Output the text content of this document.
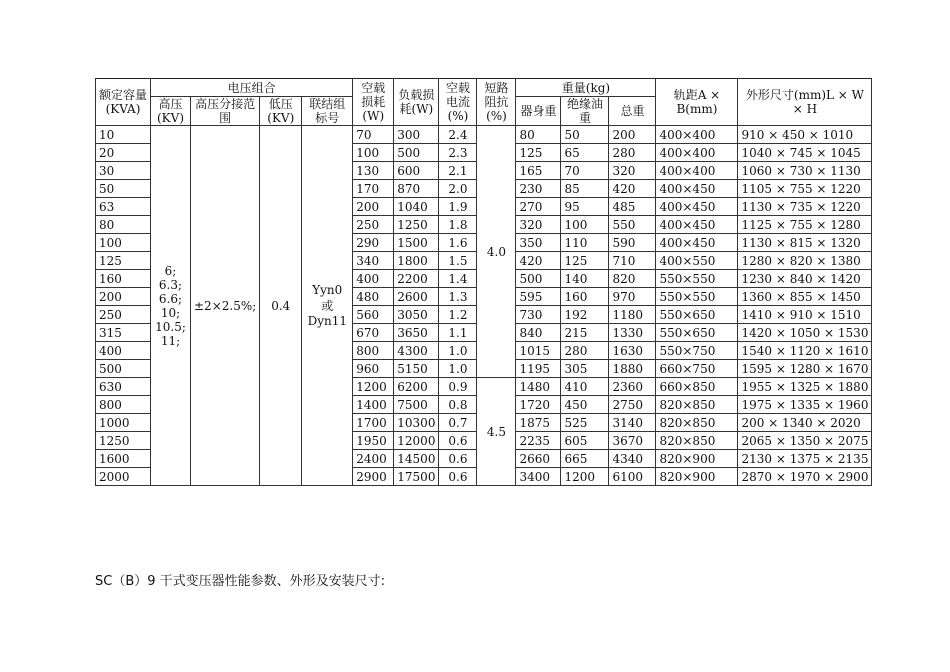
额定容量(KVA)	电压组合				空载损耗(W)	负载损耗(W)	空载电流(%)	短路阻抗(%)	重量(kg)			轨距A × B(mm)	外形尺寸(mm)L × W × H
	高压(KV)	高压分接范围	低压(KV)	联结组标号					器身重	绝缘油重	总重		

10	6; 6.3; 6.6; 10; 10.5; 11;	±2×2.5%;	0.4	Yyn0 或 Dyn11	70	300	2.4	4.0	80	50	200	400×400	910 × 450 × 1010
20					100	500	2.3		125	65	280	400×400	1040 × 745 × 1045
30					130	600	2.1		165	70	320	400×400	1060 × 730 × 1130
50					170	870	2.0		230	85	420	400×450	1105 × 755 × 1220
63					200	1040	1.9		270	95	485	400×450	1130 × 735 × 1220
80					250	1250	1.8		320	100	550	400×450	1125 × 755 × 1280
100					290	1500	1.6		350	110	590	400×450	1130 × 815 × 1320
125					340	1800	1.5		420	125	710	400×550	1280 × 820 × 1380
160					400	2200	1.4		500	140	820	550×550	1230 × 840 × 1420
200					480	2600	1.3		595	160	970	550×550	1360 × 855 × 1450
250					560	3050	1.2		730	192	1180	550×650	1410 × 910 × 1510
315					670	3650	1.1		840	215	1330	550×650	1420 × 1050 × 1530
400					800	4300	1.0		1015	280	1630	550×750	1540 × 1120 × 1610
500					960	5150	1.0		1195	305	1880	660×750	1595 × 1280 × 1670
630					1200	6200	0.9	4.5	1480	410	2360	660×850	1955 × 1325 × 1880
800					1400	7500	0.8		1720	450	2750	820×850	1975 × 1335 × 1960
1000					1700	10300	0.7		1875	525	3140	820×850	200 × 1340 × 2020
1250					1950	12000	0.6		2235	605	3670	820×850	2065 × 1350 × 2075
1600					2400	14500	0.6		2660	665	4340	820×900	2130 × 1375 × 2135
2000					2900	17500	0.6		3400	1200	6100	820×900	2870 × 1970 × 2900
SC（B）9 干式变压器性能参数、外形及安装尺寸:
